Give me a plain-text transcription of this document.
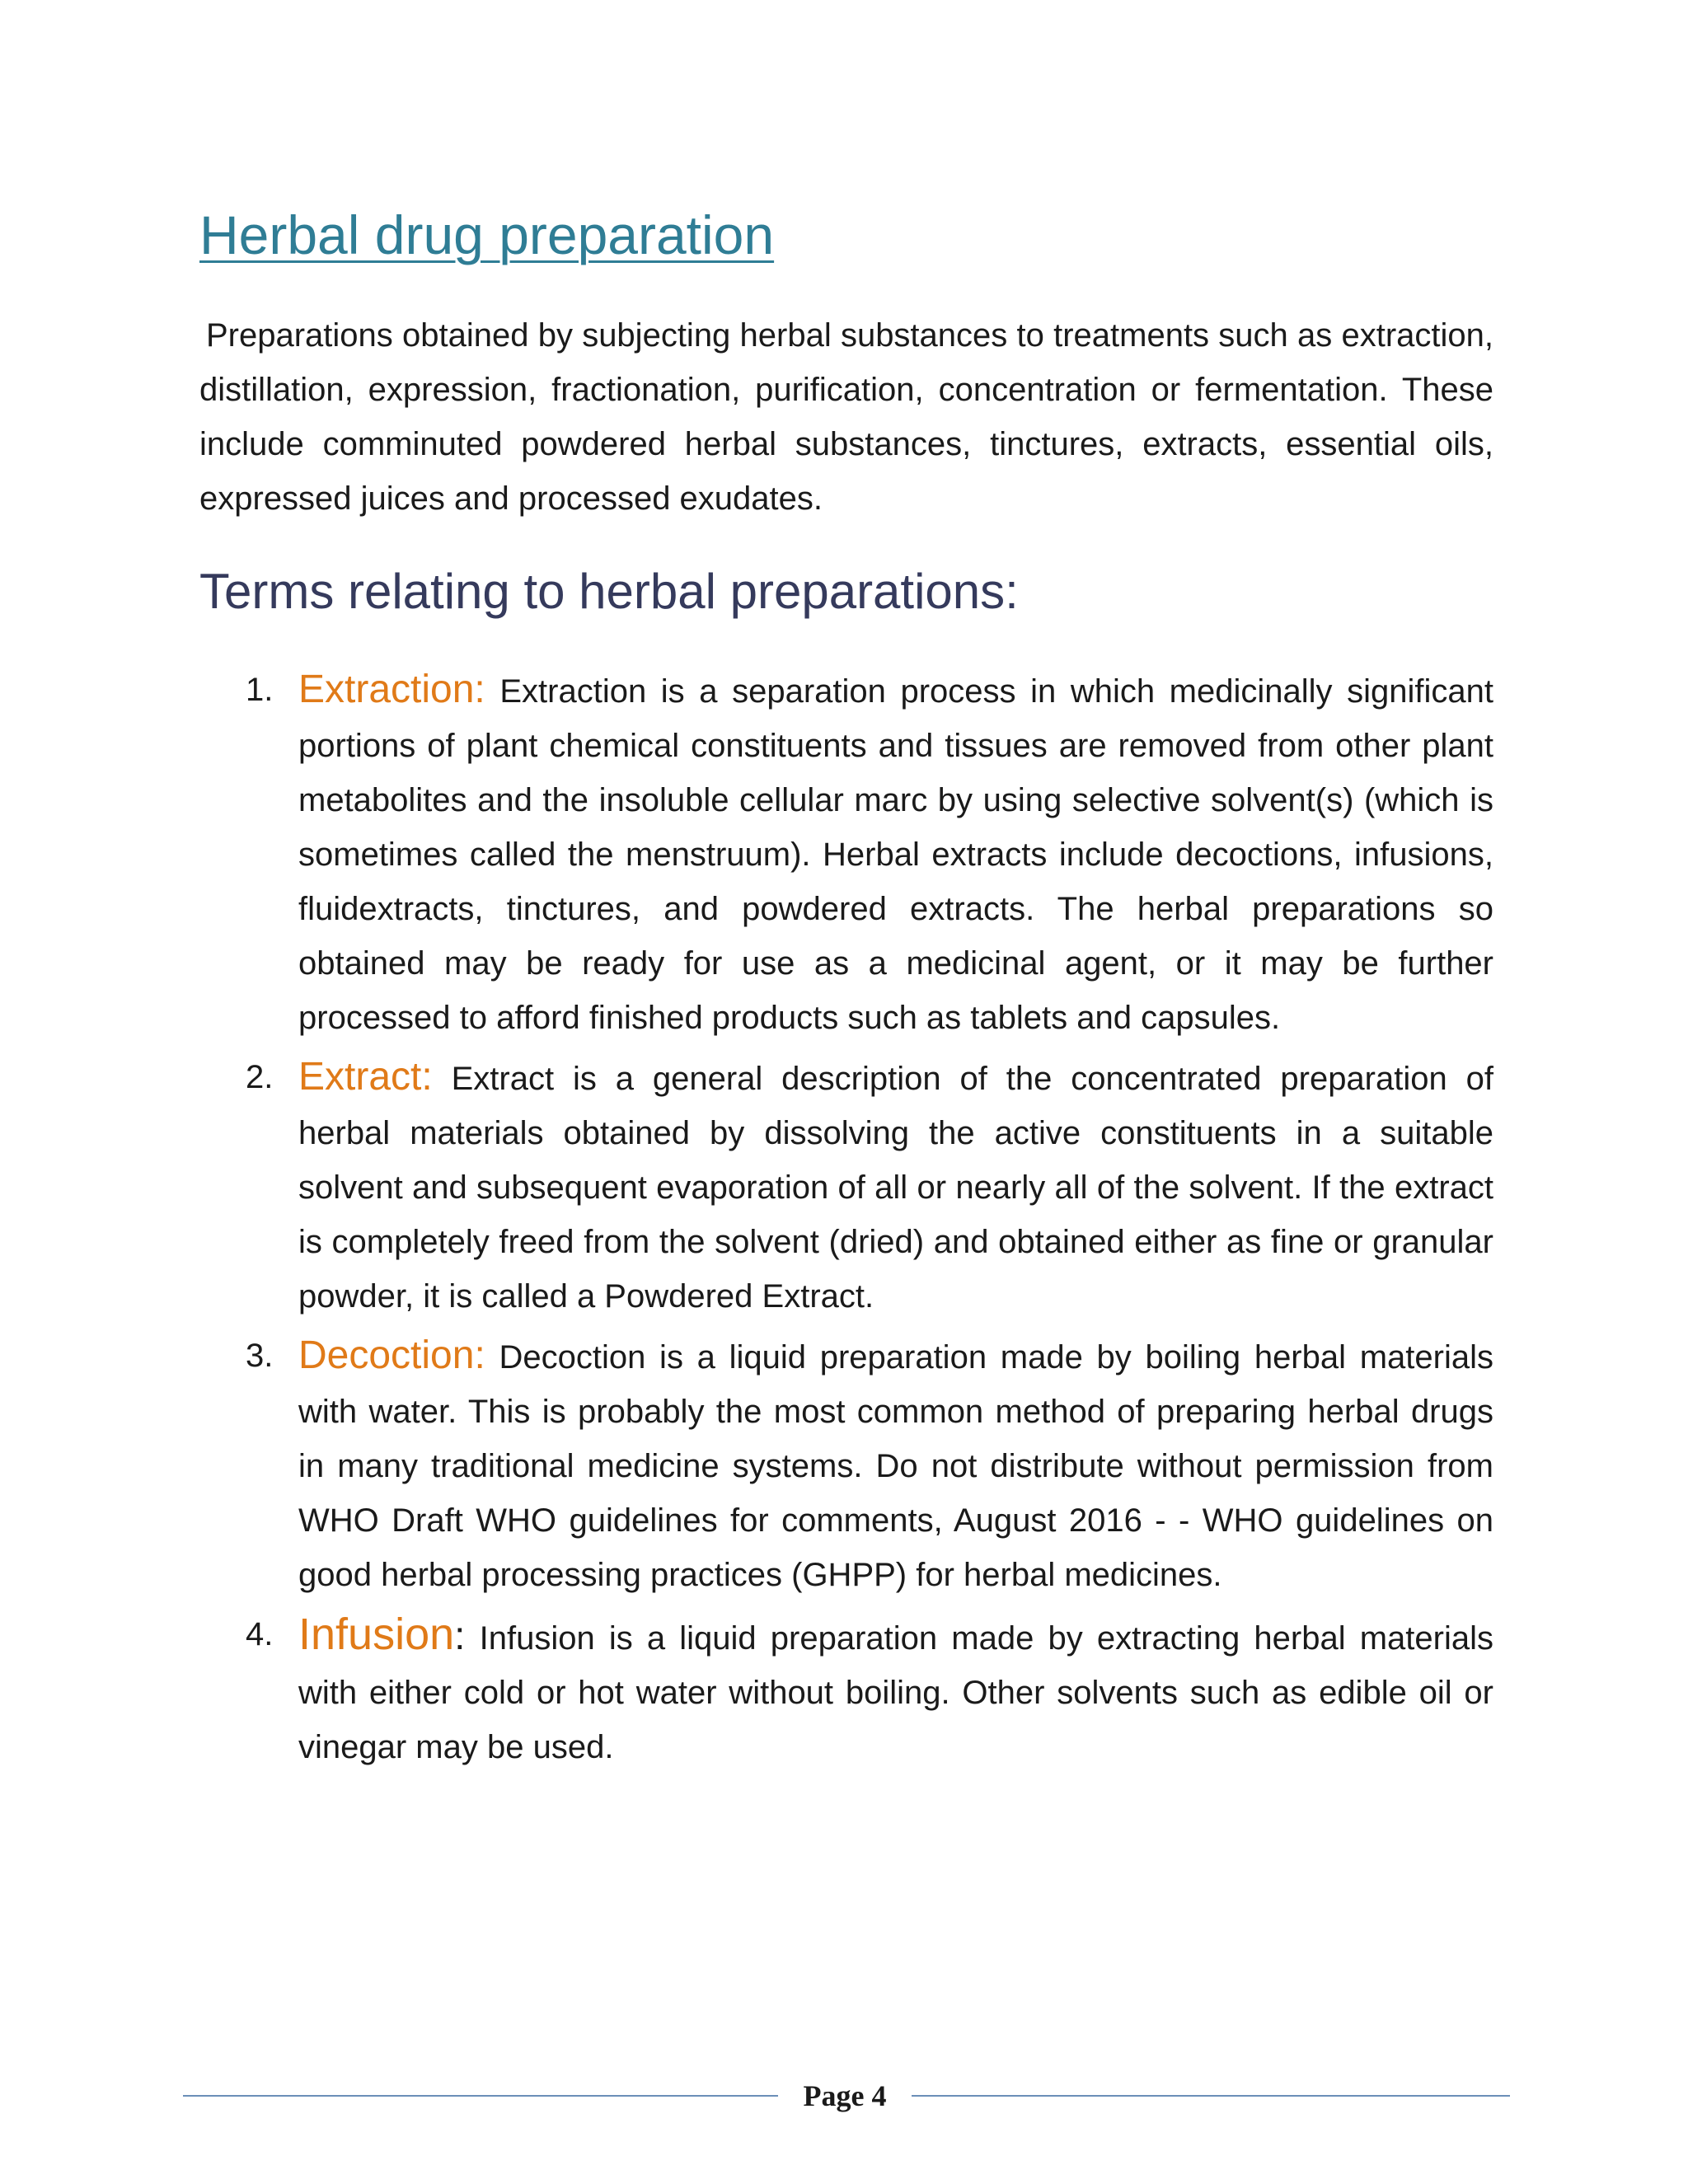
Herbal drug preparation

Preparations obtained by subjecting herbal substances to treatments such as extraction, distillation, expression, fractionation, purification, concentration or fermentation. These include comminuted powdered herbal substances, tinctures, extracts, essential oils, expressed juices and processed exudates.

Terms relating to herbal preparations:
1. Extraction: Extraction is a separation process in which medicinally significant portions of plant chemical constituents and tissues are removed from other plant metabolites and the insoluble cellular marc by using selective solvent(s) (which is sometimes called the menstruum). Herbal extracts include decoctions, infusions, fluidextracts, tinctures, and powdered extracts. The herbal preparations so obtained may be ready for use as a medicinal agent, or it may be further processed to afford finished products such as tablets and capsules.
2. Extract: Extract is a general description of the concentrated preparation of herbal materials obtained by dissolving the active constituents in a suitable solvent and subsequent evaporation of all or nearly all of the solvent. If the extract is completely freed from the solvent (dried) and obtained either as fine or granular powder, it is called a Powdered Extract.
3. Decoction: Decoction is a liquid preparation made by boiling herbal materials with water. This is probably the most common method of preparing herbal drugs in many traditional medicine systems. Do not distribute without permission from WHO Draft WHO guidelines for comments, August 2016 - - WHO guidelines on good herbal processing practices (GHPP) for herbal medicines.
4. Infusion: Infusion is a liquid preparation made by extracting herbal materials with either cold or hot water without boiling. Other solvents such as edible oil or vinegar may be used.
Page 4
